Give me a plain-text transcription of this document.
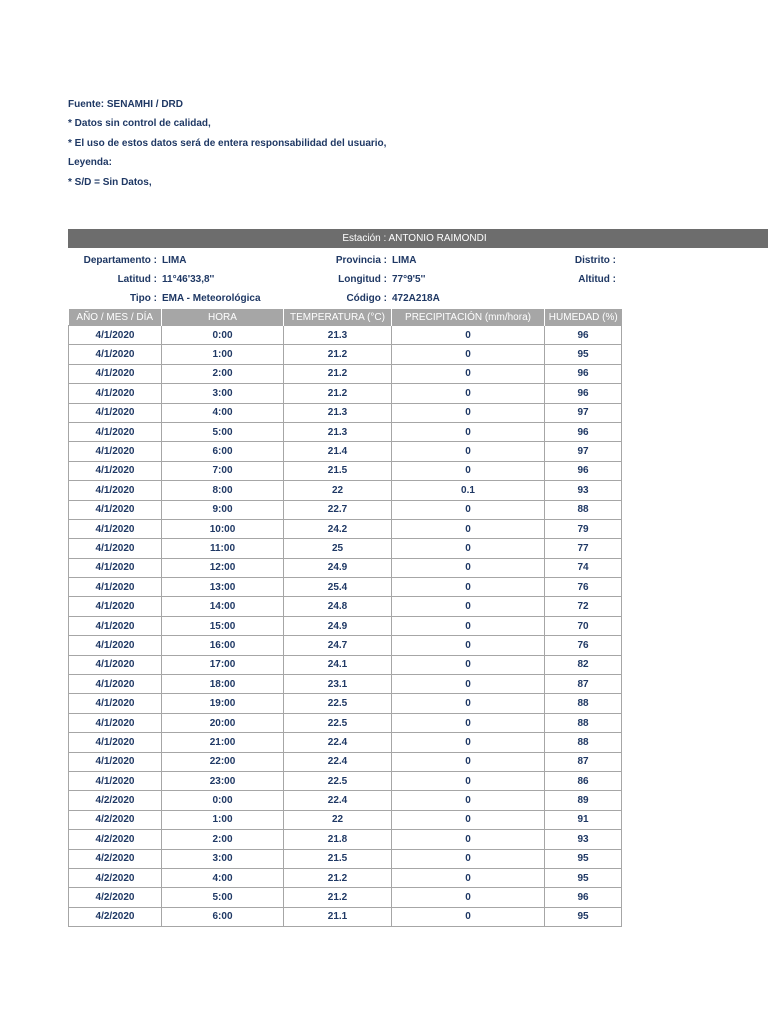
Fuente: SENAMHI / DRD
* Datos sin control de calidad,
* El uso de estos datos será de entera responsabilidad del usuario,
Leyenda:
* S/D = Sin Datos,
Estación : ANTONIO RAIMONDI
Departamento : LIMA	Provincia : LIMA	Distrito :
Latitud : 11°46'33,8''	Longitud : 77°9'5''	Altitud :
Tipo : EMA - Meteorológica	Código : 472A218A
AÑO / MES / DÍA	HORA	TEMPERATURA (°C)	PRECIPITACIÓN (mm/hora)	HUMEDAD (%)
4/1/2020	0:00	21.3	0	96
4/1/2020	1:00	21.2	0	95
4/1/2020	2:00	21.2	0	96
4/1/2020	3:00	21.2	0	96
4/1/2020	4:00	21.3	0	97
4/1/2020	5:00	21.3	0	96
4/1/2020	6:00	21.4	0	97
4/1/2020	7:00	21.5	0	96
4/1/2020	8:00	22	0.1	93
4/1/2020	9:00	22.7	0	88
4/1/2020	10:00	24.2	0	79
4/1/2020	11:00	25	0	77
4/1/2020	12:00	24.9	0	74
4/1/2020	13:00	25.4	0	76
4/1/2020	14:00	24.8	0	72
4/1/2020	15:00	24.9	0	70
4/1/2020	16:00	24.7	0	76
4/1/2020	17:00	24.1	0	82
4/1/2020	18:00	23.1	0	87
4/1/2020	19:00	22.5	0	88
4/1/2020	20:00	22.5	0	88
4/1/2020	21:00	22.4	0	88
4/1/2020	22:00	22.4	0	87
4/1/2020	23:00	22.5	0	86
4/2/2020	0:00	22.4	0	89
4/2/2020	1:00	22	0	91
4/2/2020	2:00	21.8	0	93
4/2/2020	3:00	21.5	0	95
4/2/2020	4:00	21.2	0	95
4/2/2020	5:00	21.2	0	96
4/2/2020	6:00	21.1	0	95
